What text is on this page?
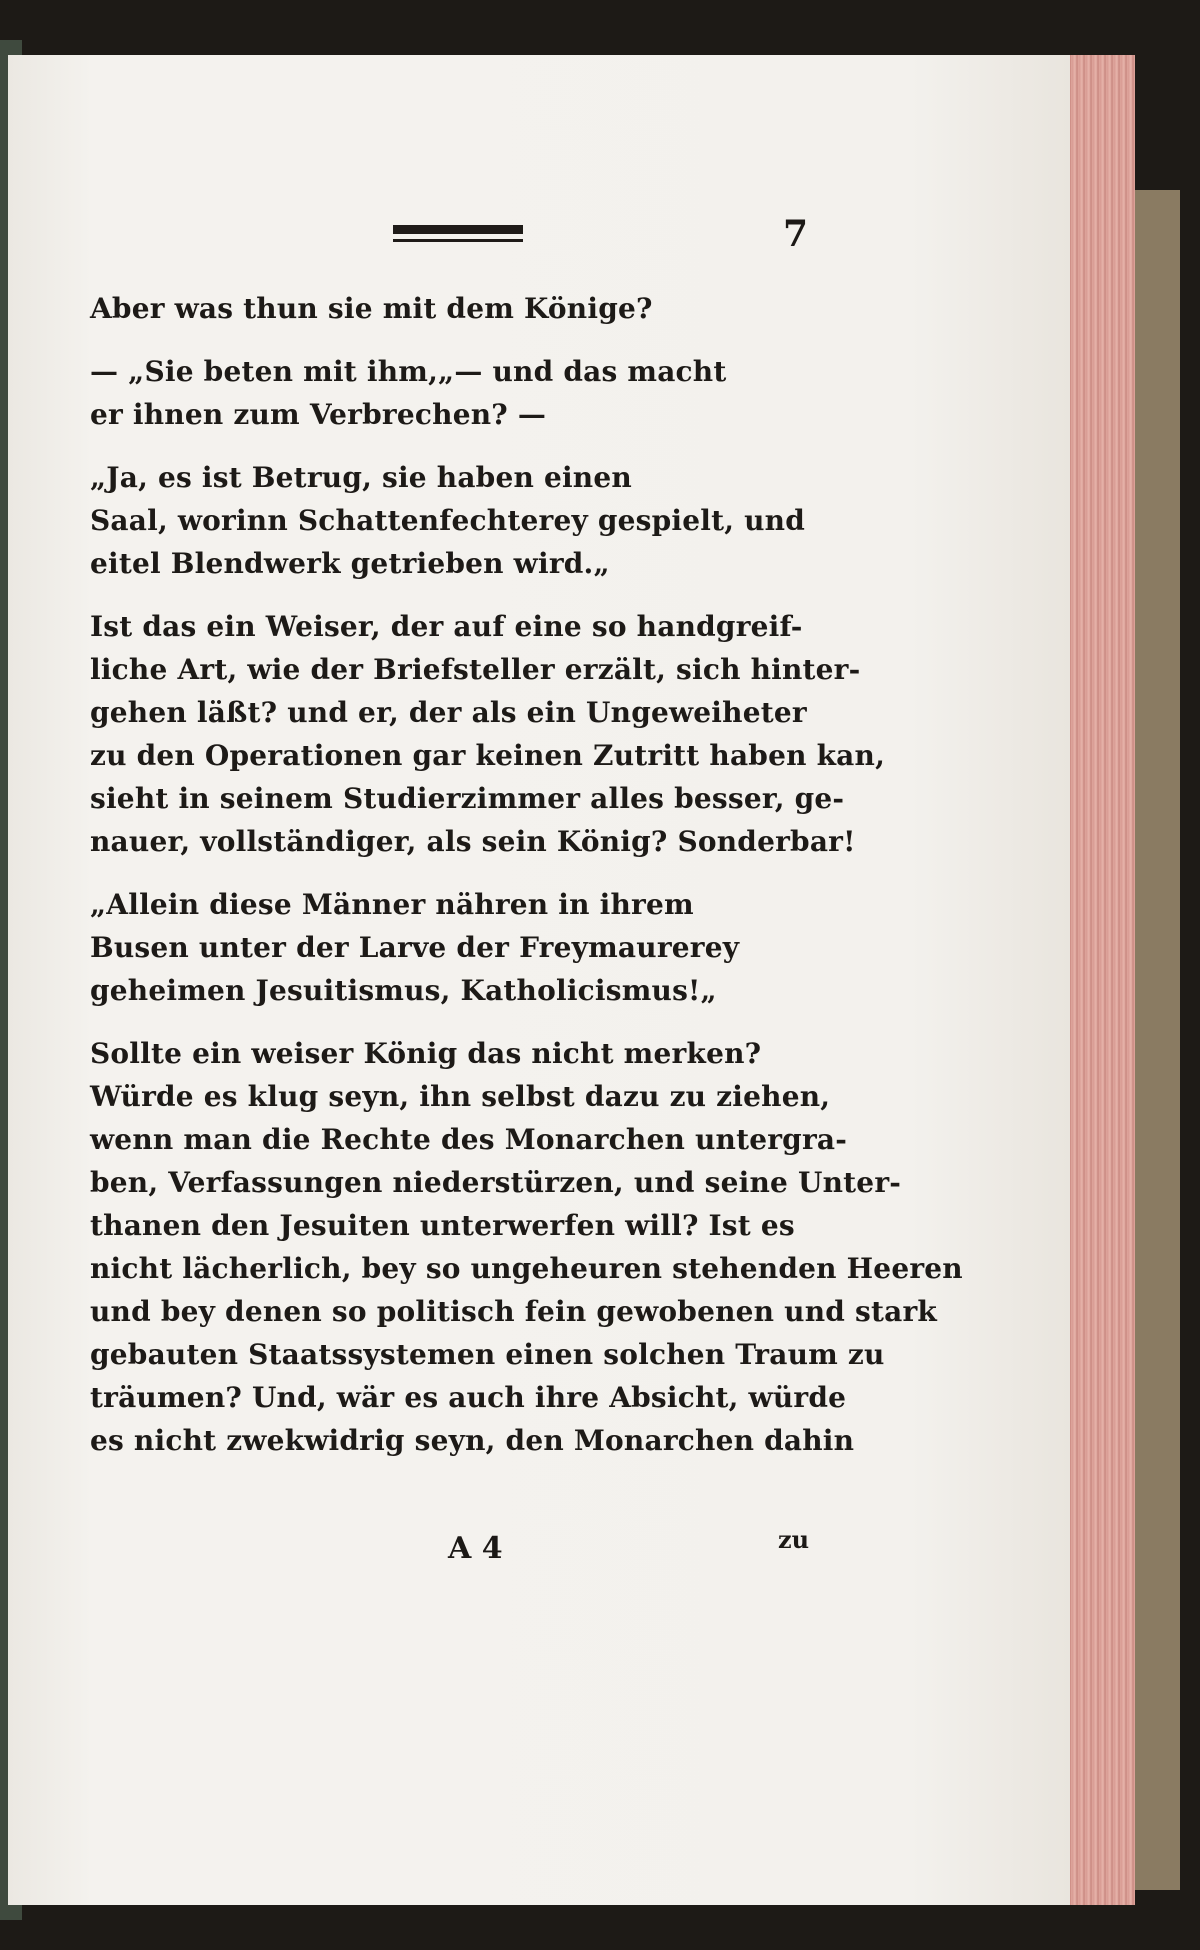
7
Aber was thun sie mit dem Könige?
— „Sie beten mit ihm,„— und das macht
er ihnen zum Verbrechen? —
„Ja, es ist Betrug, sie haben einen
Saal, worinn Schattenfechterey gespielt, und
eitel Blendwerk getrieben wird.„
Ist das ein Weiser, der auf eine so handgreif-
liche Art, wie der Briefsteller erzält, sich hinter-
gehen läßt? und er, der als ein Ungeweiheter
zu den Operationen gar keinen Zutritt haben kan,
sieht in seinem Studierzimmer alles besser, ge-
nauer, vollständiger, als sein König? Sonderbar!
„Allein diese Männer nähren in ihrem
Busen unter der Larve der Freymaurerey
geheimen Jesuitismus, Katholicismus!„
Sollte ein weiser König das nicht merken?
Würde es klug seyn, ihn selbst dazu zu ziehen,
wenn man die Rechte des Monarchen untergra-
ben, Verfassungen niederstürzen, und seine Unter-
thanen den Jesuiten unterwerfen will? Ist es
nicht lächerlich, bey so ungeheuren stehenden Heeren
und bey denen so politisch fein gewobenen und stark
gebauten Staatssystemen einen solchen Traum zu
träumen? Und, wär es auch ihre Absicht, würde
es nicht zwekwidrig seyn, den Monarchen dahin
A 4	zu
